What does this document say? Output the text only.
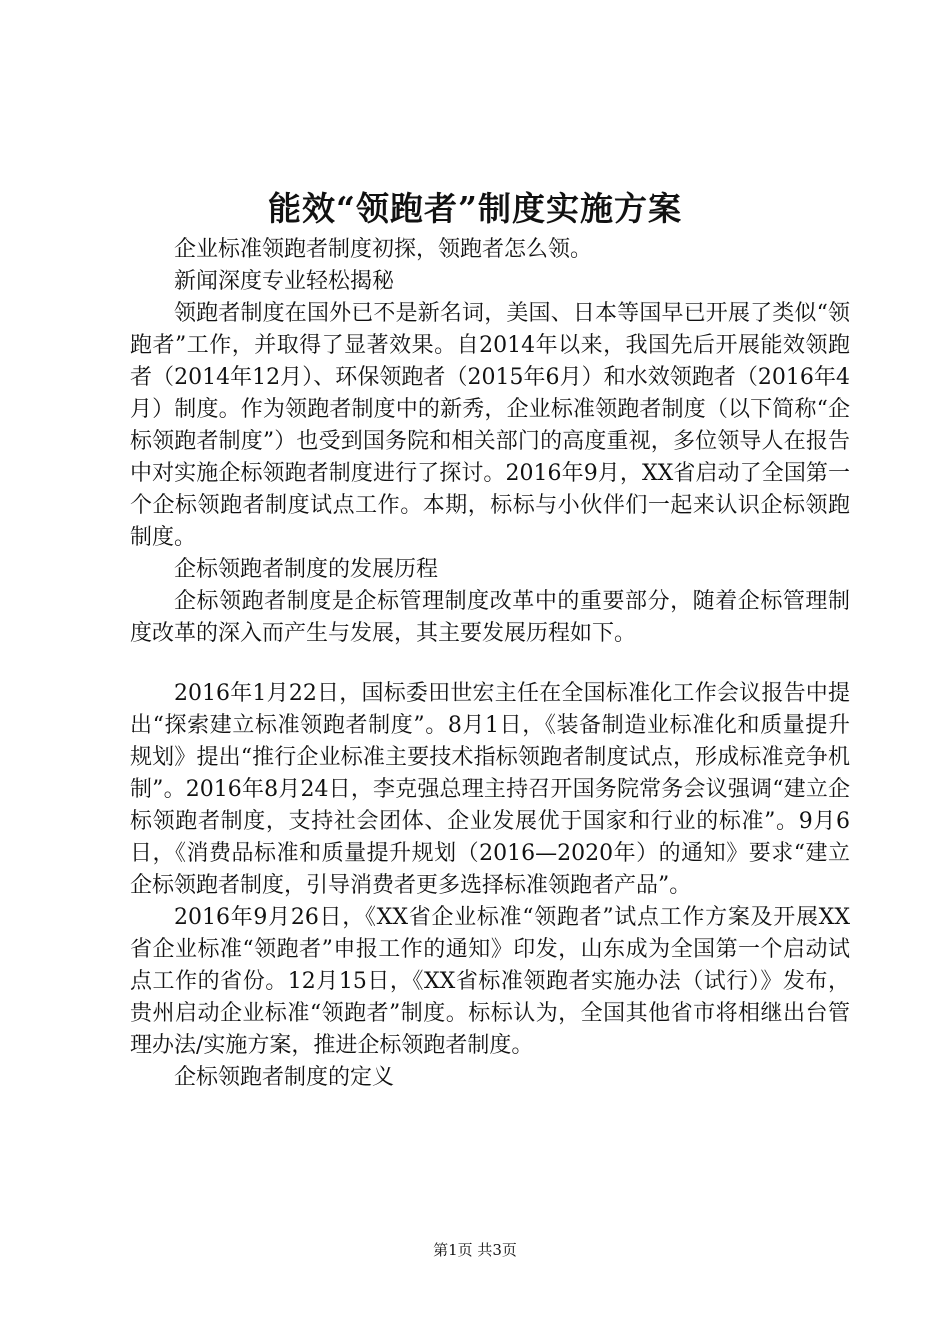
能效“领跑者”制度实施方案

企业标准领跑者制度初探，领跑者怎么领。

新闻深度专业轻松揭秘

领跑者制度在国外已不是新名词，美国、日本等国早已开展了类似“领跑者”工作，并取得了显著效果。自2014年以来，我国先后开展能效领跑者（2014年12月）、环保领跑者（2015年6月）和水效领跑者（2016年4月）制度。作为领跑者制度中的新秀，企业标准领跑者制度（以下简称“企标领跑者制度”）也受到国务院和相关部门的高度重视，多位领导人在报告中对实施企标领跑者制度进行了探讨。2016年9月，XX省启动了全国第一个企标领跑者制度试点工作。本期，标标与小伙伴们一起来认识企标领跑制度。

企标领跑者制度的发展历程

企标领跑者制度是企标管理制度改革中的重要部分，随着企标管理制度改革的深入而产生与发展，其主要发展历程如下。

2016年1月22日，国标委田世宏主任在全国标准化工作会议报告中提出“探索建立标准领跑者制度”。8月1日，《装备制造业标准化和质量提升规划》提出“推行企业标准主要技术指标领跑者制度试点，形成标准竞争机制”。2016年8月24日，李克强总理主持召开国务院常务会议强调“建立企标领跑者制度，支持社会团体、企业发展优于国家和行业的标准”。9月6日，《消费品标准和质量提升规划（2016—2020年）的通知》要求“建立企标领跑者制度，引导消费者更多选择标准领跑者产品”。

2016年9月26日，《XX省企业标准“领跑者”试点工作方案及开展XX省企业标准“领跑者”申报工作的通知》印发，山东成为全国第一个启动试点工作的省份。12月15日，《XX省标准领跑者实施办法（试行）》发布，贵州启动企业标准“领跑者”制度。标标认为，全国其他省市将相继出台管理办法/实施方案，推进企标领跑者制度。

企标领跑者制度的定义

第1页 共3页
